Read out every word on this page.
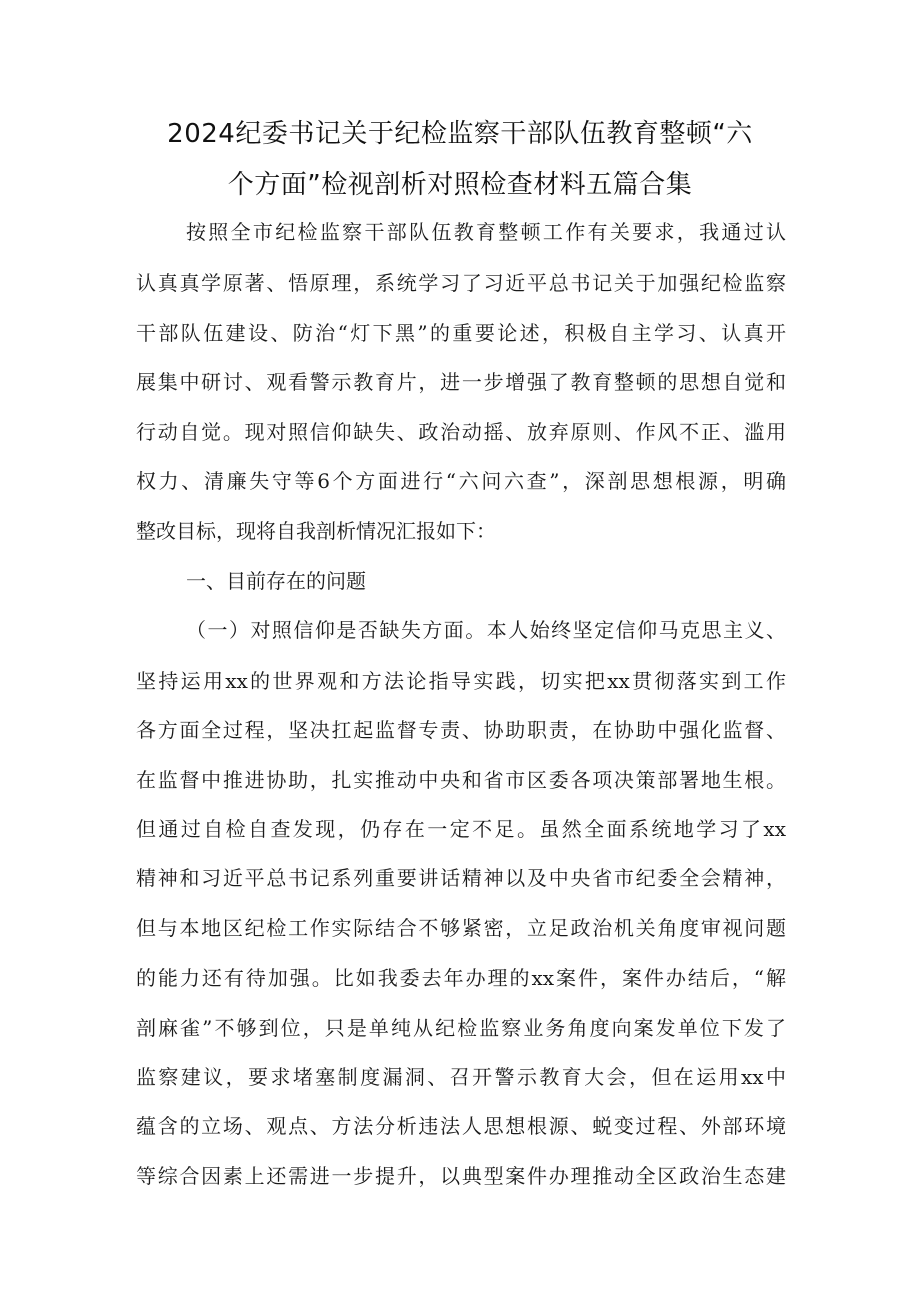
2024纪委书记关于纪检监察干部队伍教育整顿“六
个方面”检视剖析对照检查材料五篇合集
按照全市纪检监察干部队伍教育整顿工作有关要求，我通过认
认真真学原著、悟原理，系统学习了习近平总书记关于加强纪检监察
干部队伍建设、防治“灯下黑”的重要论述，积极自主学习、认真开
展集中研讨、观看警示教育片，进一步增强了教育整顿的思想自觉和
行动自觉。现对照信仰缺失、政治动摇、放弃原则、作风不正、滥用
权力、清廉失守等6个方面进行“六问六查”，深剖思想根源，明确
整改目标，现将自我剖析情况汇报如下：
一、目前存在的问题
（一）对照信仰是否缺失方面。本人始终坚定信仰马克思主义、
坚持运用xx的世界观和方法论指导实践，切实把xx贯彻落实到工作
各方面全过程，坚决扛起监督专责、协助职责，在协助中强化监督、
在监督中推进协助，扎实推动中央和省市区委各项决策部署地生根。
但通过自检自查发现，仍存在一定不足。虽然全面系统地学习了xx
精神和习近平总书记系列重要讲话精神以及中央省市纪委全会精神，
但与本地区纪检工作实际结合不够紧密，立足政治机关角度审视问题
的能力还有待加强。比如我委去年办理的xx案件，案件办结后，“解
剖麻雀”不够到位，只是单纯从纪检监察业务角度向案发单位下发了
监察建议，要求堵塞制度漏洞、召开警示教育大会，但在运用xx中
蕴含的立场、观点、方法分析违法人思想根源、蜕变过程、外部环境
等综合因素上还需进一步提升，以典型案件办理推动全区政治生态建
